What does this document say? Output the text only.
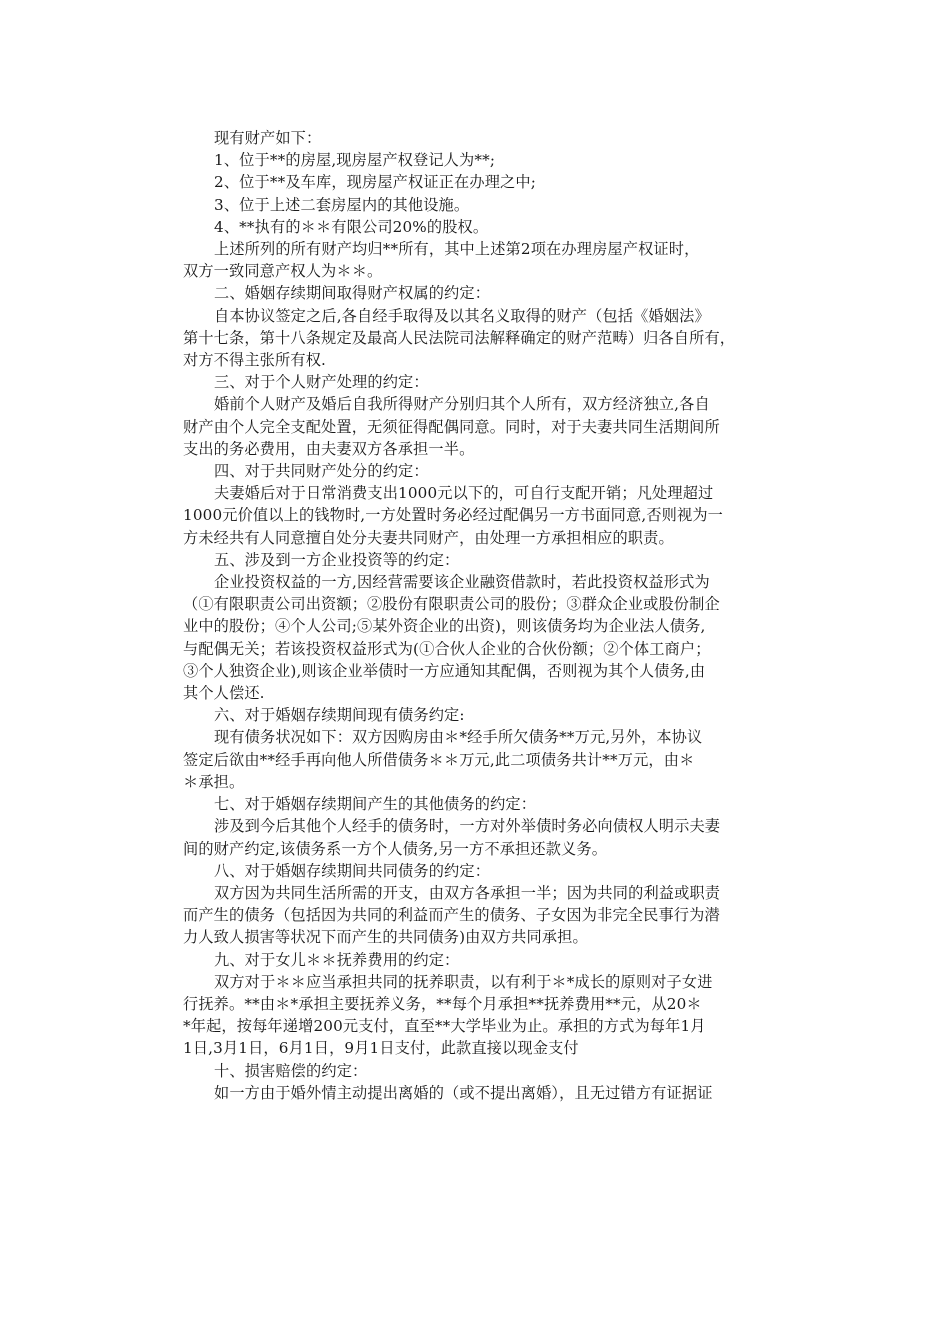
现有财产如下：
1、位于**的房屋,现房屋产权登记人为**;
2、位于**及车库，现房屋产权证正在办理之中;
3、位于上述二套房屋内的其他设施。
4、**执有的＊＊有限公司20%的股权。
上述所列的所有财产均归**所有，其中上述第2项在办理房屋产权证时，
双方一致同意产权人为＊＊。
二、婚姻存续期间取得财产权属的约定：
自本协议签定之后,各自经手取得及以其名义取得的财产（包括《婚姻法》
第十七条，第十八条规定及最高人民法院司法解释确定的财产范畴）归各自所有，
对方不得主张所有权.
三、对于个人财产处理的约定：
婚前个人财产及婚后自我所得财产分别归其个人所有，双方经济独立,各自
财产由个人完全支配处置，无须征得配偶同意。同时，对于夫妻共同生活期间所
支出的务必费用，由夫妻双方各承担一半。
四、对于共同财产处分的约定：
夫妻婚后对于日常消费支出1000元以下的，可自行支配开销；凡处理超过
1000元价值以上的钱物时,一方处置时务必经过配偶另一方书面同意,否则视为一
方未经共有人同意擅自处分夫妻共同财产，由处理一方承担相应的职责。
五、涉及到一方企业投资等的约定：
企业投资权益的一方,因经营需要该企业融资借款时，若此投资权益形式为
（①有限职责公司出资额；②股份有限职责公司的股份；③群众企业或股份制企
业中的股份；④个人公司;⑤某外资企业的出资)，则该债务均为企业法人债务,
与配偶无关；若该投资权益形式为(①合伙人企业的合伙份额；②个体工商户；
③个人独资企业),则该企业举债时一方应通知其配偶，否则视为其个人债务,由
其个人偿还.
六、对于婚姻存续期间现有债务约定:
现有债务状况如下：双方因购房由＊*经手所欠债务**万元,另外，本协议
签定后欲由**经手再向他人所借债务＊＊万元,此二项债务共计**万元，由＊
＊承担。
七、对于婚姻存续期间产生的其他债务的约定：
涉及到今后其他个人经手的债务时，一方对外举债时务必向债权人明示夫妻
间的财产约定,该债务系一方个人债务,另一方不承担还款义务。
八、对于婚姻存续期间共同债务的约定：
双方因为共同生活所需的开支，由双方各承担一半；因为共同的利益或职责
而产生的债务（包括因为共同的利益而产生的债务、子女因为非完全民事行为潜
力人致人损害等状况下而产生的共同债务)由双方共同承担。
九、对于女儿＊＊抚养费用的约定：
双方对于＊＊应当承担共同的抚养职责，以有利于＊*成长的原则对子女进
行抚养。**由＊*承担主要抚养义务，**每个月承担**抚养费用**元，从20＊
*年起，按每年递增200元支付，直至**大学毕业为止。承担的方式为每年1月
1日,3月1日，6月1日，9月1日支付，此款直接以现金支付
十、损害赔偿的约定：
如一方由于婚外情主动提出离婚的（或不提出离婚），且无过错方有证据证
